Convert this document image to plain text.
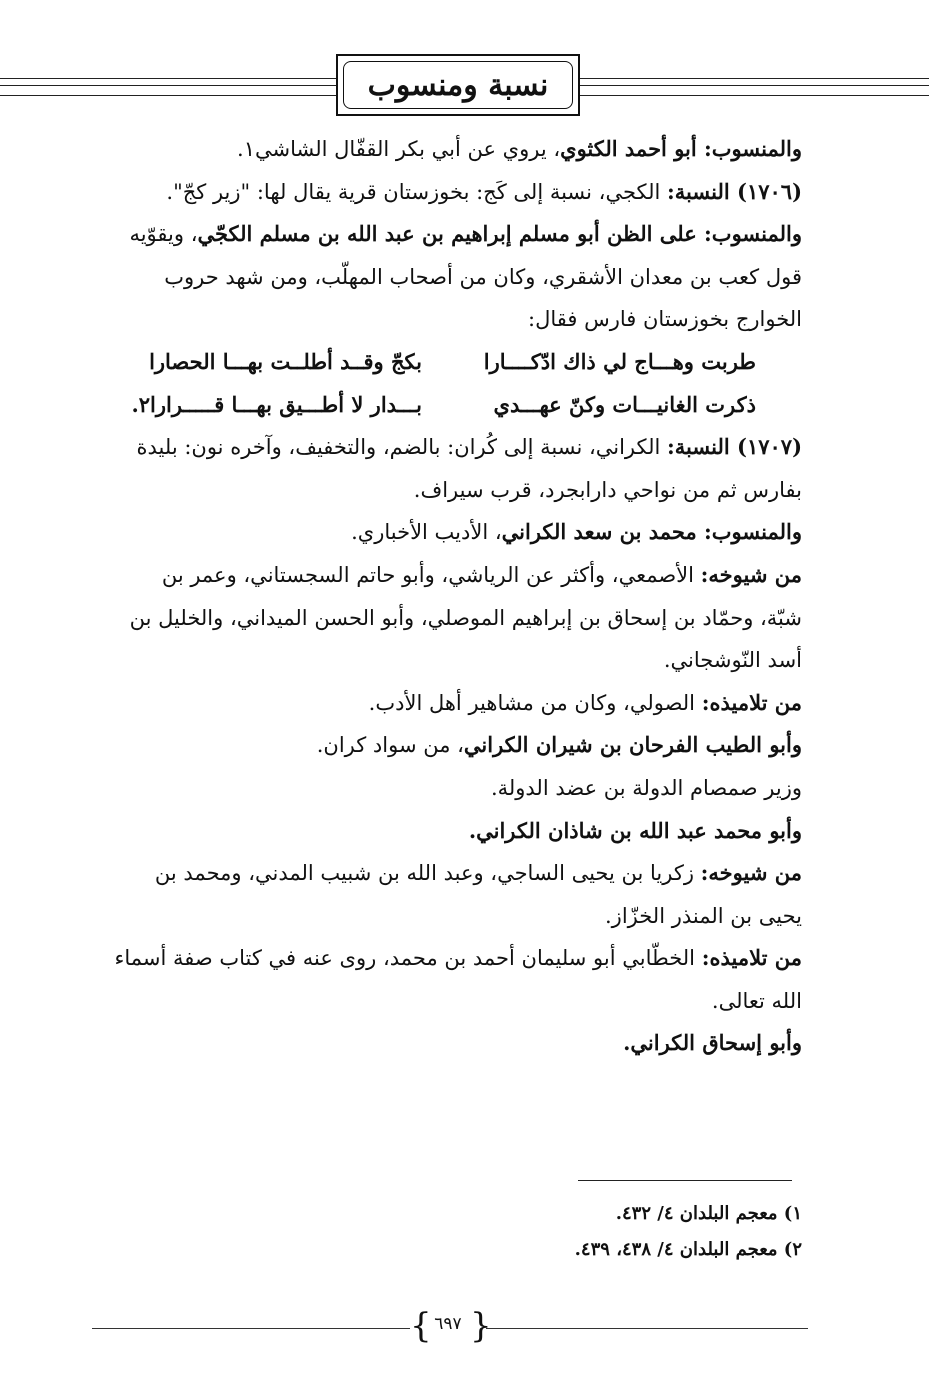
نسبة ومنسوب
والمنسوب: أبو أحمد الكثوي، يروي عن أبي بكر القفّال الشاشي١.
(١٧٠٦) النسبة: الكجي، نسبة إلى كَج: بخوزستان قرية يقال لها: "زير كجّ".
والمنسوب: على الظن أبو مسلم إبراهيم بن عبد الله بن مسلم الكجّي، ويقوّيه
قول كعب بن معدان الأشقري، وكان من أصحاب المهلّب، ومن شهد حروب
الخوارج بخوزستان فارس فقال:
طربت وهـــاج لي ذاك ادّكــــارا
بكجّ وقــد أطلــت بهـــا الحصارا
ذكرت الغانيـــات وكنّ عهـــدي
بـــدار لا أطـــيق بهـــا قـــــرارا٢.
(١٧٠٧) النسبة: الكراني، نسبة إلى كُران: بالضم، والتخفيف، وآخره نون: بليدة
بفارس ثم من نواحي دارابجرد، قرب سيراف.
والمنسوب: محمد بن سعد الكراني، الأديب الأخباري.
من شيوخه: الأصمعي، وأكثر عن الرياشي، وأبو حاتم السجستاني، وعمر بن
شبّة، وحمّاد بن إسحاق بن إبراهيم الموصلي، وأبو الحسن الميداني، والخليل بن
أسد النّوشجاني.
من تلاميذه: الصولي، وكان من مشاهير أهل الأدب.
وأبو الطيب الفرحان بن شيران الكراني، من سواد كران.
وزير صمصام الدولة بن عضد الدولة.
وأبو محمد عبد الله بن شاذان الكراني.
من شيوخه: زكريا بن يحيى الساجي، وعبد الله بن شبيب المدني، ومحمد بن
يحيى بن المنذر الخزّاز.
من تلاميذه: الخطّابي أبو سليمان أحمد بن محمد، روى عنه في كتاب صفة أسماء
الله تعالى.
وأبو إسحاق الكراني.
١) معجم البلدان ٤/ ٤٣٢.
٢) معجم البلدان ٤/ ٤٣٨، ٤٣٩.
{ }
٦٩٧
